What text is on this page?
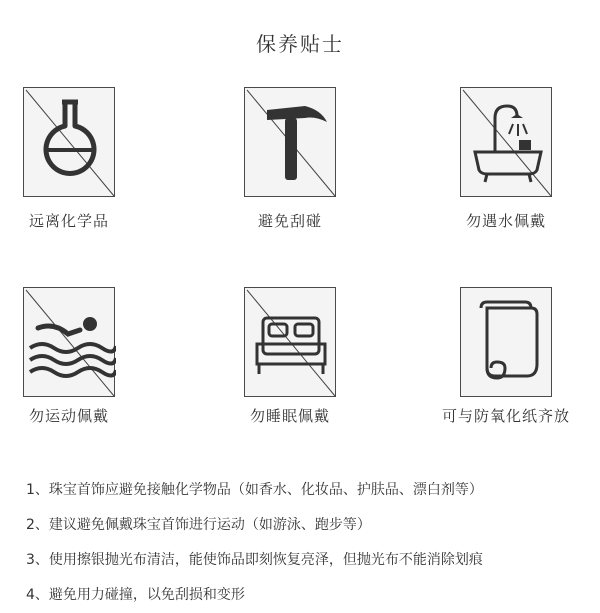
保养贴士
远离化学品	避免刮碰	勿遇水佩戴
勿运动佩戴	勿睡眠佩戴	可与防氧化纸齐放
1、珠宝首饰应避免接触化学物品（如香水、化妆品、护肤品、漂白剂等）
2、建议避免佩戴珠宝首饰进行运动（如游泳、跑步等）
3、使用擦银抛光布清洁，能使饰品即刻恢复亮泽，但抛光布不能消除划痕
4、避免用力碰撞，以免刮损和变形
